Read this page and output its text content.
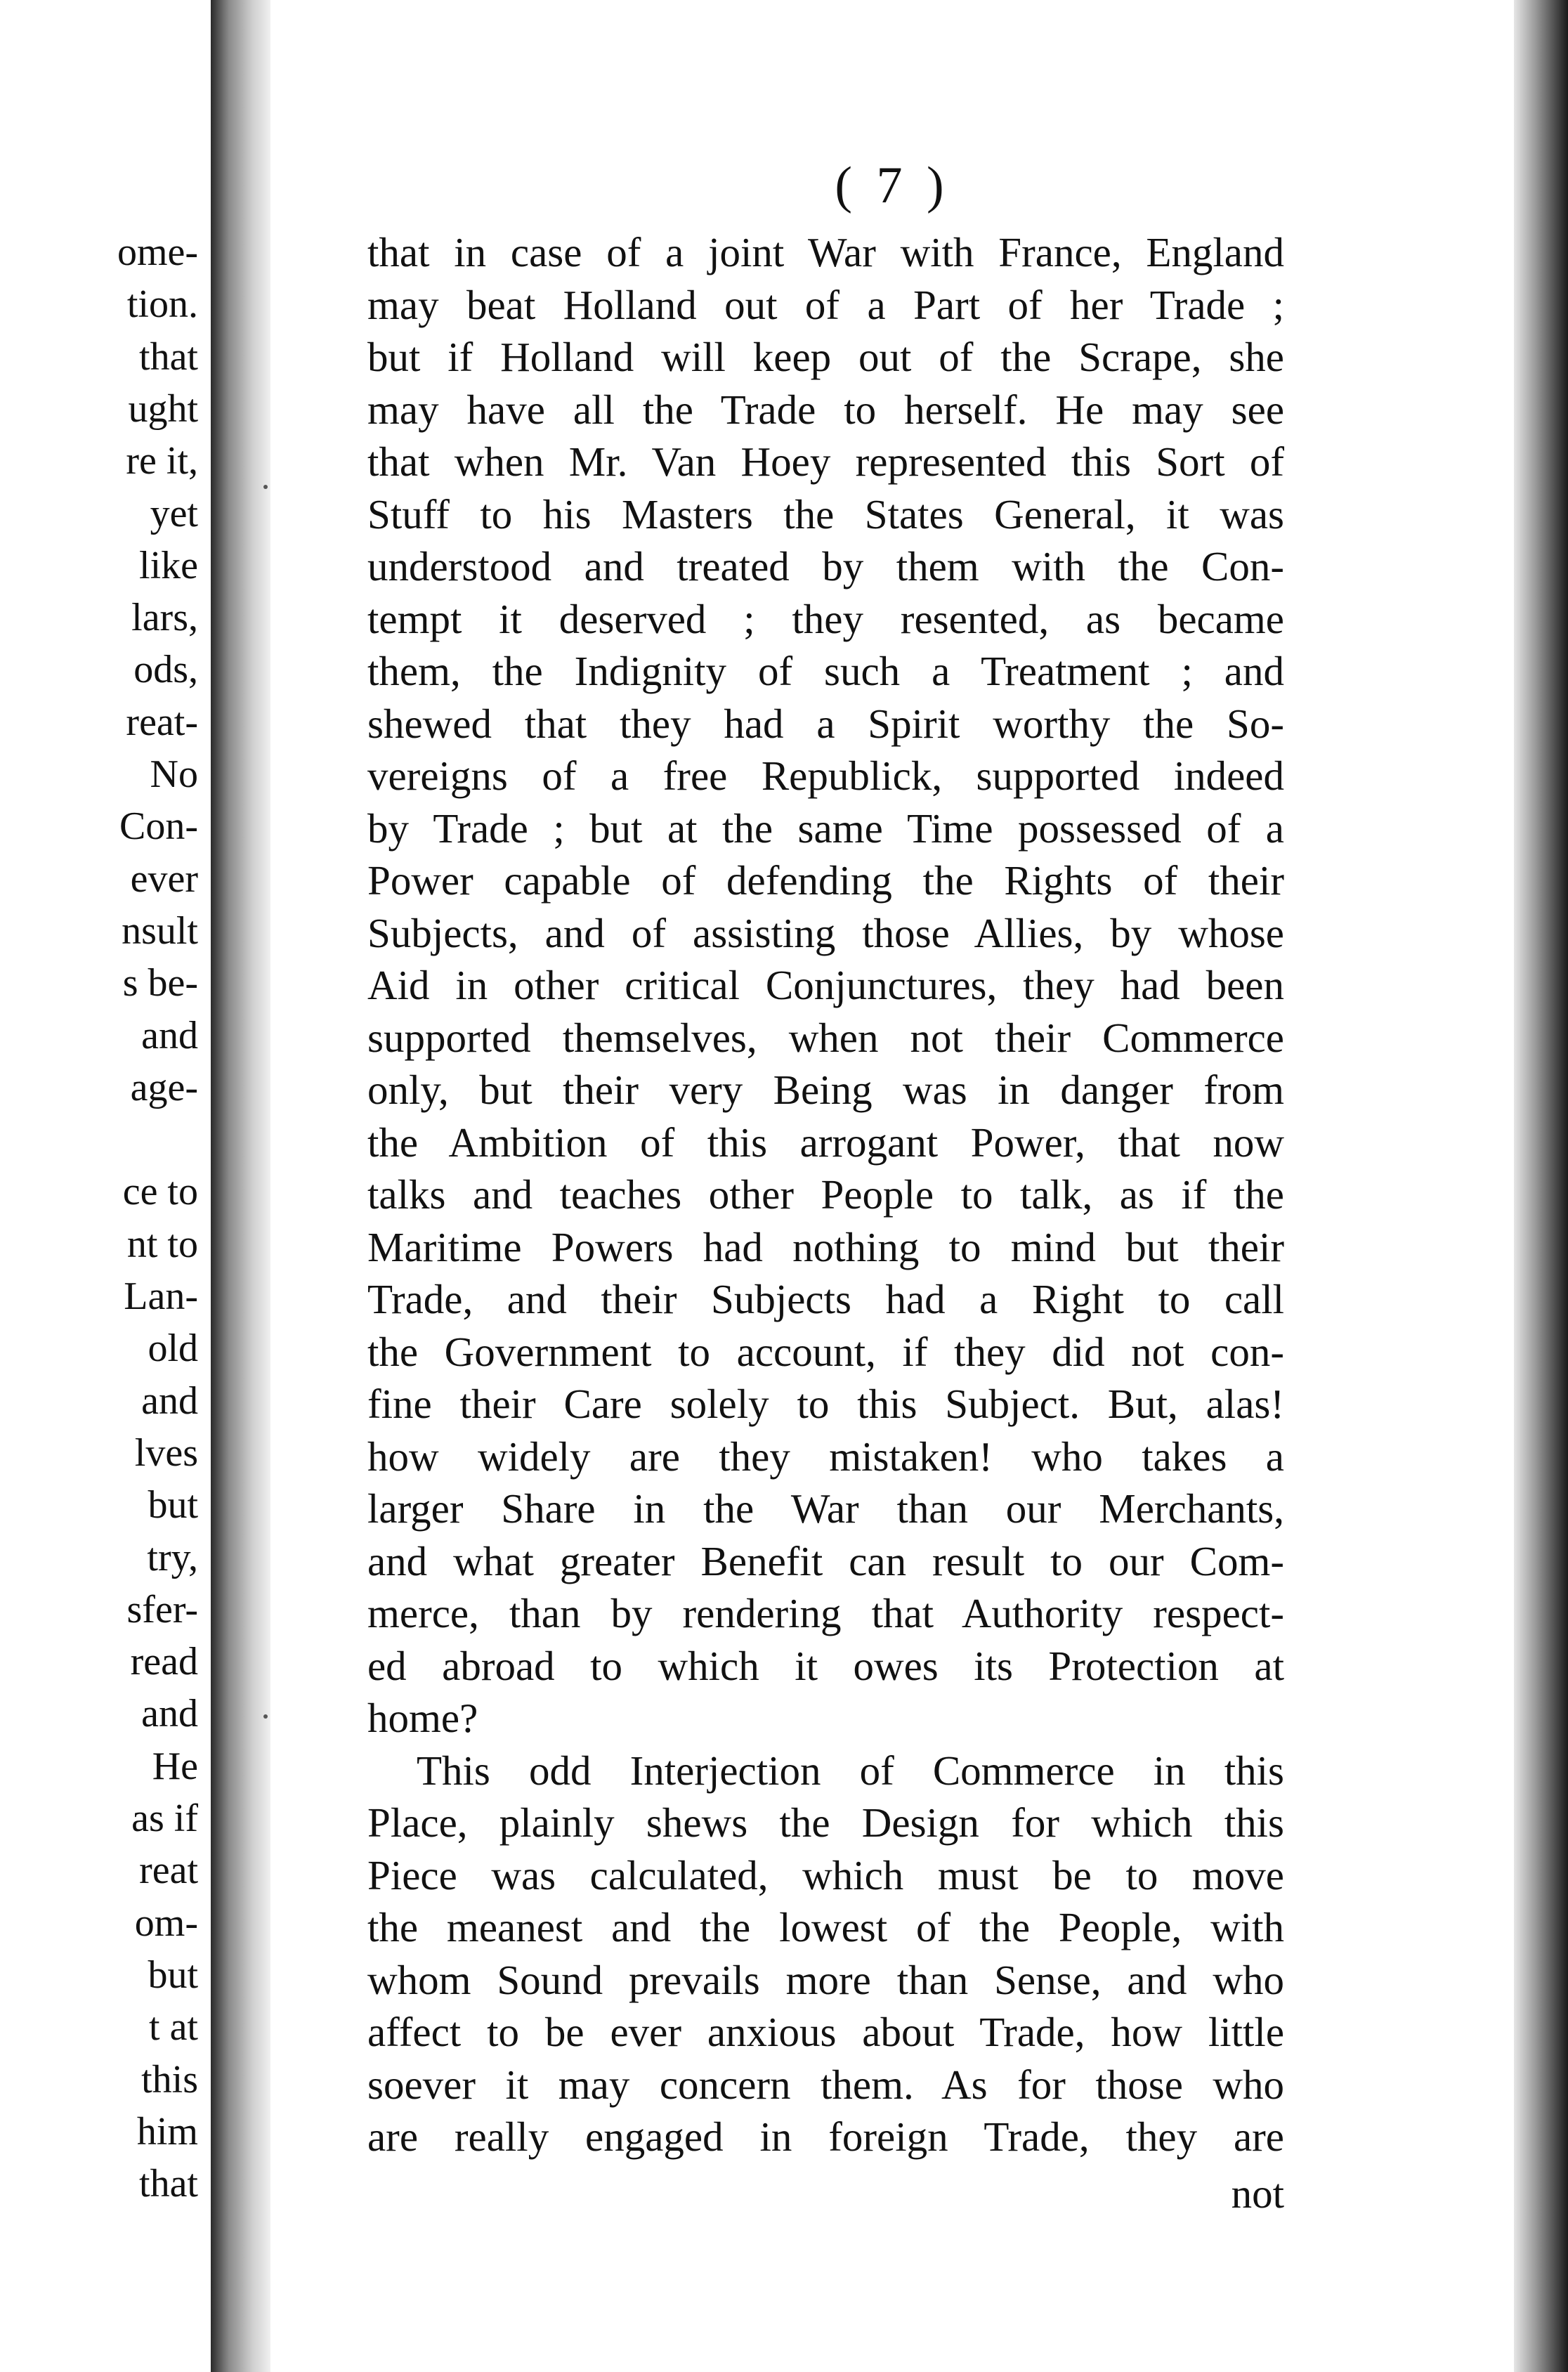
ome-
tion.
that
ught
re it,
yet
like
lars,
ods,
reat-
No
Con-
ever
nsult
s be-
and
age-
ce to
nt to
Lan-
old
and
lves
but
try,
sfer-
read
and
He
as if
reat
om-
but
t at
this
him
that
( 7 )
that in case of a joint War with France, England
may beat Holland out of a Part of her Trade ;
but if Holland will keep out of the Scrape, she
may have all the Trade to herself. He may see
that when Mr. Van Hoey represented this Sort of
Stuff to his Masters the States General, it was
understood and treated by them with the Con-
tempt it deserved ; they resented, as became
them, the Indignity of such a Treatment ; and
shewed that they had a Spirit worthy the So-
vereigns of a free Republick, supported indeed
by Trade ; but at the same Time possessed of a
Power capable of defending the Rights of their
Subjects, and of assisting those Allies, by whose
Aid in other critical Conjunctures, they had been
supported themselves, when not their Commerce
only, but their very Being was in danger from
the Ambition of this arrogant Power, that now
talks and teaches other People to talk, as if the
Maritime Powers had nothing to mind but their
Trade, and their Subjects had a Right to call
the Government to account, if they did not con-
fine their Care solely to this Subject. But, alas!
how widely are they mistaken! who takes a
larger Share in the War than our Merchants,
and what greater Benefit can result to our Com-
merce, than by rendering that Authority respect-
ed abroad to which it owes its Protection at
home?
This odd Interjection of Commerce in this
Place, plainly shews the Design for which this
Piece was calculated, which must be to move
the meanest and the lowest of the People, with
whom Sound prevails more than Sense, and who
affect to be ever anxious about Trade, how little
soever it may concern them. As for those who
are really engaged in foreign Trade, they are
not
